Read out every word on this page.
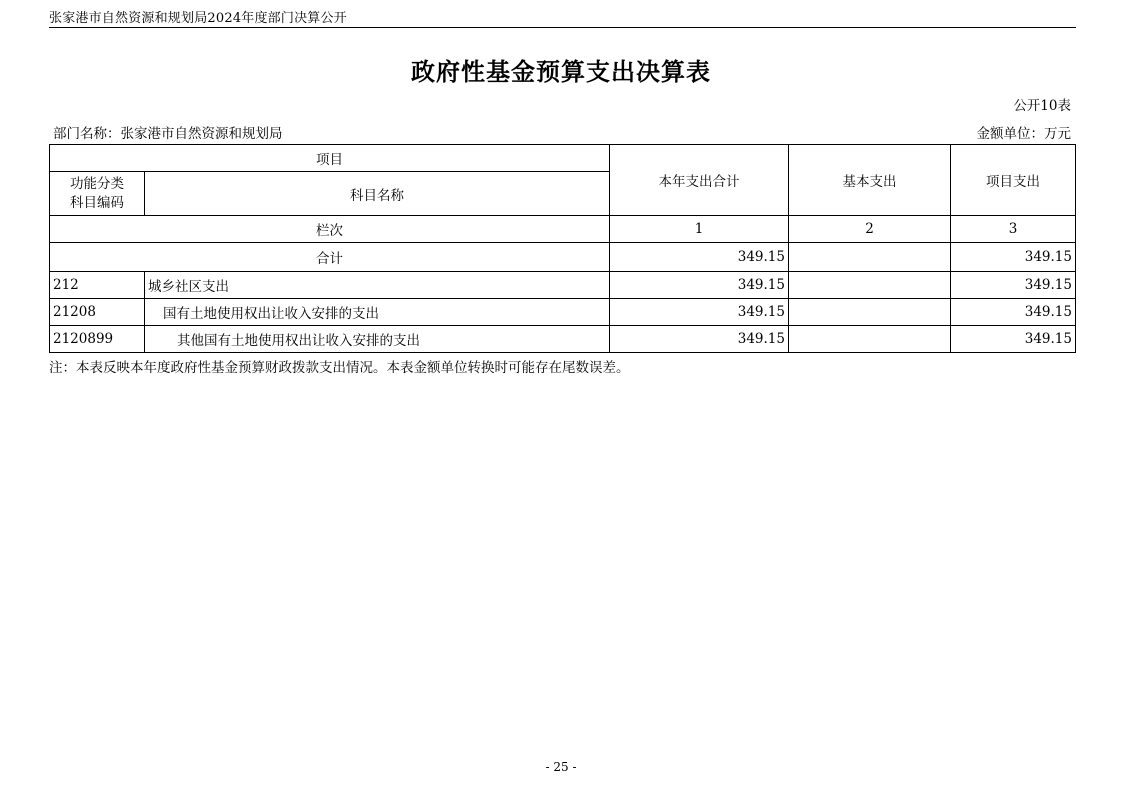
张家港市自然资源和规划局2024年度部门决算公开
政府性基金预算支出决算表
公开10表
部门名称：张家港市自然资源和规划局	金额单位：万元
项目		本年支出合计	基本支出	项目支出
功能分类
科目编码	科目名称			
栏次		1	2	3
合计		349.15		349.15
212	城乡社区支出	349.15		349.15
21208	国有土地使用权出让收入安排的支出	349.15		349.15
2120899	其他国有土地使用权出让收入安排的支出	349.15		349.15
注：本表反映本年度政府性基金预算财政拨款支出情况。本表金额单位转换时可能存在尾数误差。
- 25 -
